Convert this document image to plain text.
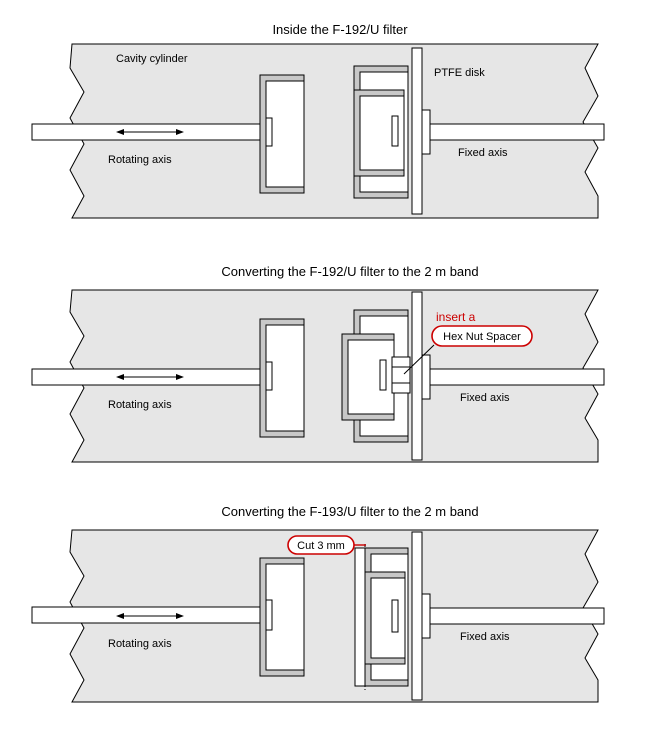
Inside the F-192/U filter
Cavity cylinder
PTFE disk
Rotating axis
Fixed axis
Converting the F-192/U filter to the 2 m band
Rotating axis
Fixed axis
insert a
Hex Nut Spacer
Converting the F-193/U filter to the 2 m band
Rotating axis
Fixed axis
Cut 3 mm
